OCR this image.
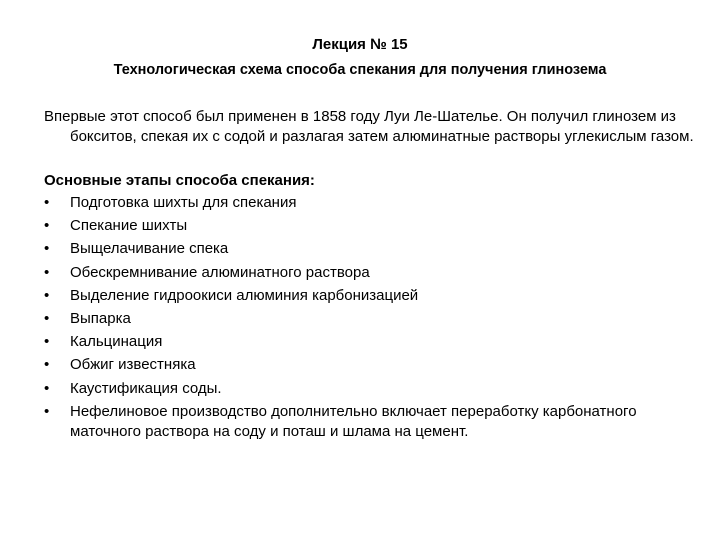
Лекция № 15
Технологическая схема способа спекания для получения глинозема
Впервые этот способ был применен в 1858 году Луи Ле-Шателье. Он получил глинозем из бокситов, спекая их с содой и разлагая затем алюминатные растворы углекислым газом.
Основные этапы способа спекания:
•	Подготовка шихты для спекания
•	Спекание шихты
•	Выщелачивание спека
•	Обескремнивание алюминатного раствора
•	Выделение гидроокиси алюминия карбонизацией
•	Выпарка
•	Кальцинация
•	Обжиг известняка
•	Каустификация соды.
•	Нефелиновое производство дополнительно включает переработку карбонатного маточного раствора на соду и поташ и шлама на цемент.
